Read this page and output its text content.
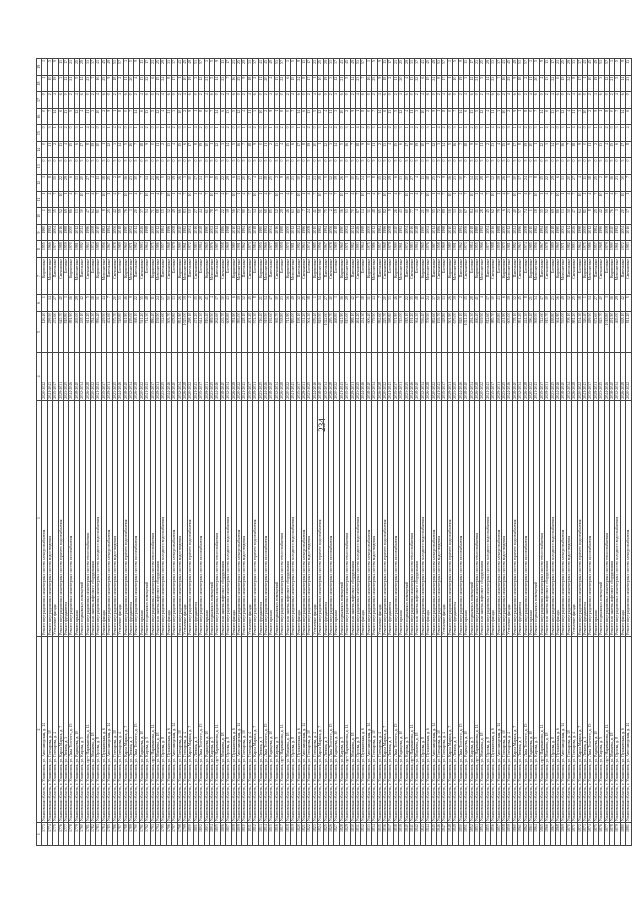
234
1	2	3	4	5	6	7	8	9	10	11	12	13	14	15	16	17	18	19
1773	Ульяновская область, г. Ульяновск, ул. Автозаводская, д. 14	Ремонт внутридомовых инженерных систем электроснабжения	2020-2022	126.40	1	Кирпичные	1955	1980	1	1	1	0	0	0	0	0	1	1
1774	Ульяновская область, г. Ульяновск, ул. Гончарова, д. 10	Ремонт внутридомовых инженерных систем водоотведения	2041-2043	299.50	14	Монолитные	1966	1992	18	4	8	5	11	3	7	2	10	5
1775	Ульяновская область, г. Ульяновск, ул. Гончарова, д. 4	Утепление фасада	2035-2037	472.60	27	Панельные	1977	2004	35	7	15	0	2	1	14	4	19	9
1776	Ульяновская область, г. Ульяновск, ул. Карла Маркса, д. 7	Ремонт внутридомовых инженерных систем горячего водоснабжения	2029-2031	645.70	40	Смешанные	1988	2016	52	10	22	5	13	4	6	6	3	13
1777	Ульяновская область, г. Ульяновск, ул. Ленина, д. 3	Ремонт фундамента	2023-2025	818.80	3	Блочные	1959	1988	69	1	29	0	4	2	13	0	12	17
1778	Ульяновская область, г. Ульяновск, ул. Льва Толстого, д. 15	Ремонт внутридомовых инженерных систем газоснабжения	2044-2046	991.90	16	Кирпичные	1970	2000	86	4	6	5	15	0	5	2	21	21
1779	Ульяновская область, г. Ульяновск, ул. Радищева, д. 10	Ремонт крыши	2038-2040	265.00	29	Монолитные	1981	2012	13	7	13	0	6	3	12	4	5	25
1780	Ульяновская область, г. Ульяновск, ул. Кирова, д. 5	Ремонт подвальных помещений	2032-2034	438.10	42	Панельные	1992	2024	30	10	20	5	17	1	4	6	14	29
1781	Ульяновская область, г. Ульяновск, пр-т Нариманова, д. 14	Ремонт внутридомовых инженерных систем теплоснабжения	2026-2028	611.20	5	Смешанные	1963	1996	47	1	27	0	8	4	11	0	23	33
1782	Ульяновская область, г. Ульяновск, ул. Минаева, д. 18	Ремонт или замена лифтового оборудования	2020-2022	784.30	18	Блочные	1974	2008	64	4	4	5	19	2	3	2	7	37
1783	Ульяновская область, г. Ульяновск, ул. Орлова, д. 8	Ремонт внутридомовых инженерных систем холодного водоснабжения	2041-2043	956.40	31	Кирпичные	1985	2010	81	7	11	0	10	0	10	4	16	41
1784	Ульяновская область, г. Ульяновск, ул. Пушкинская, д. 6	Ремонт фасада	2035-2037	229.50	44	Монолитные	1956	1982	8	10	18	5	1	3	2	6	25	45
1785	Ульяновская область, г. Ульяновск, ул. Автозаводская, д. 14	Ремонт внутридомовых инженерных систем электроснабжения	2029-2031	402.60	7	Панельные	1967	1994	25	1	25	0	12	1	9	0	9	49
1786	Ульяновская область, г. Ульяновск, ул. Гончарова, д. 10	Ремонт внутридомовых инженерных систем водоотведения	2023-2025	575.70	20	Смешанные	1978	2006	42	4	2	5	3	4	1	2	18	53
1787	Ульяновская область, г. Ульяновск, ул. Гончарова, д. 4	Утепление фасада	2044-2046	748.80	33	Блочные	1989	2018	59	7	9	0	14	2	8	4	2	57
1788	Ульяновская область, г. Ульяновск, ул. Карла Маркса, д. 7	Ремонт внутридомовых инженерных систем горячего водоснабжения	2038-2040	921.90	46	Кирпичные	1960	1990	76	10	16	5	5	0	0	6	11	1
1789	Ульяновская область, г. Ульяновск, ул. Ленина, д. 3	Ремонт фундамента	2032-2034	195.00	9	Монолитные	1971	2002	3	1	23	0	16	3	7	0	20	5
1790	Ульяновская область, г. Ульяновск, ул. Льва Толстого, д. 15	Ремонт внутридомовых инженерных систем газоснабжения	2026-2028	368.10	22	Панельные	1982	2014	20	4	30	5	7	1	14	2	4	9
1791	Ульяновская область, г. Ульяновск, ул. Радищева, д. 10	Ремонт крыши	2020-2022	541.20	35	Смешанные	1993	2026	37	7	7	0	18	4	6	4	13	13
1792	Ульяновская область, г. Ульяновск, ул. Кирова, д. 5	Ремонт подвальных помещений	2041-2043	714.30	48	Блочные	1964	1998	54	10	14	5	9	2	13	6	22	17
1793	Ульяновская область, г. Ульяновск, пр-т Нариманова, д. 14	Ремонт внутридомовых инженерных систем теплоснабжения	2035-2037	886.40	11	Кирпичные	1975	2000	71	1	21	0	0	0	5	0	6	21
1794	Ульяновская область, г. Ульяновск, ул. Минаева, д. 18	Ремонт или замена лифтового оборудования	2029-2031	159.50	24	Монолитные	1986	2012	88	4	28	5	11	3	12	2	15	25
1795	Ульяновская область, г. Ульяновск, ул. Орлова, д. 8	Ремонт внутридомовых инженерных систем холодного водоснабжения	2023-2025	332.60	37	Панельные	1957	1984	15	7	5	0	2	1	4	4	24	29
1796	Ульяновская область, г. Ульяновск, ул. Пушкинская, д. 6	Ремонт фасада	2044-2046	505.70	50	Смешанные	1968	1996	32	10	12	5	13	4	11	6	8	33
1797	Ульяновская область, г. Ульяновск, ул. Автозаводская, д. 14	Ремонт внутридомовых инженерных систем электроснабжения	2038-2040	678.80	13	Блочные	1979	2008	49	1	19	0	4	2	3	0	17	37
1798	Ульяновская область, г. Ульяновск, ул. Гончарова, д. 10	Ремонт внутридомовых инженерных систем водоотведения	2032-2034	851.90	26	Кирпичные	1990	2020	66	4	26	5	15	0	10	2	1	41
1799	Ульяновская область, г. Ульяновск, ул. Гончарова, д. 4	Утепление фасада	2026-2028	1025.00	39	Монолитные	1961	1992	83	7	3	0	6	3	2	4	10	45
1800	Ульяновская область, г. Ульяновск, ул. Карла Маркса, д. 7	Ремонт внутридомовых инженерных систем горячего водоснабжения	2020-2022	298.10	2	Панельные	1972	2004	10	10	10	5	17	1	9	6	19	49
1801	Ульяновская область, г. Ульяновск, ул. Ленина, д. 3	Ремонт фундамента	2041-2043	471.20	15	Смешанные	1983	2016	27	1	17	0	8	4	1	0	3	53
1802	Ульяновская область, г. Ульяновск, ул. Льва Толстого, д. 15	Ремонт внутридомовых инженерных систем газоснабжения	2035-2037	644.30	28	Блочные	1994	2028	44	4	24	5	19	2	8	2	12	57
1803	Ульяновская область, г. Ульяновск, ул. Радищева, д. 10	Ремонт крыши	2029-2031	816.40	41	Кирпичные	1965	1990	61	7	1	0	10	0	0	4	21	1
1804	Ульяновская область, г. Ульяновск, ул. Кирова, д. 5	Ремонт подвальных помещений	2023-2025	989.50	4	Монолитные	1976	2002	78	10	8	5	1	3	7	6	5	5
1805	Ульяновская область, г. Ульяновск, пр-т Нариманова, д. 14	Ремонт внутридомовых инженерных систем теплоснабжения	2044-2046	262.60	17	Панельные	1987	2014	5	1	15	0	12	1	14	0	14	9
1806	Ульяновская область, г. Ульяновск, ул. Минаева, д. 18	Ремонт или замена лифтового оборудования	2038-2040	435.70	30	Смешанные	1958	1986	22	4	22	5	3	4	6	2	23	13
1807	Ульяновская область, г. Ульяновск, ул. Орлова, д. 8	Ремонт внутридомовых инженерных систем холодного водоснабжения	2032-2034	608.80	43	Блочные	1969	1998	39	7	29	0	14	2	13	4	7	17
1808	Ульяновская область, г. Ульяновск, ул. Пушкинская, д. 6	Ремонт фасада	2026-2028	781.90	6	Кирпичные	1980	2010	56	10	6	5	5	0	5	6	16	21
1809	Ульяновская область, г. Ульяновск, ул. Автозаводская, д. 14	Ремонт внутридомовых инженерных систем электроснабжения	2020-2022	955.00	19	Монолитные	1991	2022	73	1	13	0	16	3	12	0	25	25
1810	Ульяновская область, г. Ульяновск, ул. Гончарова, д. 10	Ремонт внутридомовых инженерных систем водоотведения	2041-2043	228.10	32	Панельные	1962	1994	90	4	20	5	7	1	4	2	9	29
1811	Ульяновская область, г. Ульяновск, ул. Гончарова, д. 4	Утепление фасада	2035-2037	401.20	45	Смешанные	1973	2006	17	7	27	0	18	4	11	4	18	33
1812	Ульяновская область, г. Ульяновск, ул. Карла Маркса, д. 7	Ремонт внутридомовых инженерных систем горячего водоснабжения	2029-2031	574.30	8	Блочные	1984	2018	34	10	4	5	9	2	3	6	2	37
1813	Ульяновская область, г. Ульяновск, ул. Ленина, д. 3	Ремонт фундамента	2023-2025	746.40	21	Кирпичные	1955	1980	51	1	11	0	0	0	10	0	11	41
1814	Ульяновская область, г. Ульяновск, ул. Льва Толстого, д. 15	Ремонт внутридомовых инженерных систем газоснабжения	2044-2046	919.50	34	Монолитные	1966	1992	68	4	18	5	11	3	2	2	20	45
1815	Ульяновская область, г. Ульяновск, ул. Радищева, д. 10	Ремонт крыши	2038-2040	192.60	47	Панельные	1977	2004	85	7	25	0	2	1	9	4	4	49
1816	Ульяновская область, г. Ульяновск, ул. Кирова, д. 5	Ремонт подвальных помещений	2032-2034	365.70	10	Смешанные	1988	2016	12	10	2	5	13	4	1	6	13	53
1817	Ульяновская область, г. Ульяновск, пр-т Нариманова, д. 14	Ремонт внутридомовых инженерных систем теплоснабжения	2026-2028	538.80	23	Блочные	1959	1988	29	1	9	0	4	2	8	0	22	57
1818	Ульяновская область, г. Ульяновск, ул. Минаева, д. 18	Ремонт или замена лифтового оборудования	2020-2022	711.90	36	Кирпичные	1970	2000	46	4	16	5	15	0	0	2	6	1
1819	Ульяновская область, г. Ульяновск, ул. Орлова, д. 8	Ремонт внутридомовых инженерных систем холодного водоснабжения	2041-2043	885.00	49	Монолитные	1981	2012	63	7	23	0	6	3	7	4	15	5
1820	Ульяновская область, г. Ульяновск, ул. Пушкинская, д. 6	Ремонт фасада	2035-2037	158.10	12	Панельные	1992	2024	80	10	30	5	17	1	14	6	24	9
1821	Ульяновская область, г. Ульяновск, ул. Автозаводская, д. 14	Ремонт внутридомовых инженерных систем электроснабжения	2029-2031	331.20	25	Смешанные	1963	1996	7	1	7	0	8	4	6	0	8	13
1822	Ульяновская область, г. Ульяновск, ул. Гончарова, д. 10	Ремонт внутридомовых инженерных систем водоотведения	2023-2025	504.30	38	Блочные	1974	2008	24	4	14	5	19	2	13	2	17	17
1823	Ульяновская область, г. Ульяновск, ул. Гончарова, д. 4	Утепление фасада	2044-2046	676.40	1	Кирпичные	1985	2010	41	7	21	0	10	0	5	4	1	21
1824	Ульяновская область, г. Ульяновск, ул. Карла Маркса, д. 7	Ремонт внутридомовых инженерных систем горячего водоснабжения	2038-2040	849.50	14	Монолитные	1956	1982	58	10	28	5	1	3	12	6	10	25
1825	Ульяновская область, г. Ульяновск, ул. Ленина, д. 3	Ремонт фундамента	2032-2034	1022.60	27	Панельные	1967	1994	75	1	5	0	12	1	4	0	19	29
1826	Ульяновская область, г. Ульяновск, ул. Льва Толстого, д. 15	Ремонт внутридомовых инженерных систем газоснабжения	2026-2028	295.70	40	Смешанные	1978	2006	2	4	12	5	3	4	11	2	3	33
1827	Ульяновская область, г. Ульяновск, ул. Радищева, д. 10	Ремонт крыши	2020-2022	468.80	3	Блочные	1989	2018	19	7	19	0	14	2	3	4	12	37
1828	Ульяновская область, г. Ульяновск, ул. Кирова, д. 5	Ремонт подвальных помещений	2041-2043	641.90	16	Кирпичные	1960	1990	36	10	26	5	5	0	10	6	21	41
1829	Ульяновская область, г. Ульяновск, пр-т Нариманова, д. 14	Ремонт внутридомовых инженерных систем теплоснабжения	2035-2037	815.00	29	Монолитные	1971	2002	53	1	3	0	16	3	2	0	5	45
1830	Ульяновская область, г. Ульяновск, ул. Минаева, д. 18	Ремонт или замена лифтового оборудования	2029-2031	988.10	42	Панельные	1982	2014	70	4	10	5	7	1	9	2	14	49
1831	Ульяновская область, г. Ульяновск, ул. Орлова, д. 8	Ремонт внутридомовых инженерных систем холодного водоснабжения	2023-2025	261.20	5	Смешанные	1993	2026	87	7	17	0	18	4	1	4	23	53
1832	Ульяновская область, г. Ульяновск, ул. Пушкинская, д. 6	Ремонт фасада	2044-2046	434.30	18	Блочные	1964	1998	14	10	24	5	9	2	8	6	7	57
1833	Ульяновская область, г. Ульяновск, ул. Автозаводская, д. 14	Ремонт внутридомовых инженерных систем электроснабжения	2038-2040	606.40	31	Кирпичные	1975	2000	31	1	1	0	0	0	0	0	16	1
1834	Ульяновская область, г. Ульяновск, ул. Гончарова, д. 10	Ремонт внутридомовых инженерных систем водоотведения	2032-2034	779.50	44	Монолитные	1986	2012	48	4	8	5	11	3	7	2	25	5
1835	Ульяновская область, г. Ульяновск, ул. Гончарова, д. 4	Утепление фасада	2026-2028	952.60	7	Панельные	1957	1984	65	7	15	0	2	1	14	4	9	9
1836	Ульяновская область, г. Ульяновск, ул. Карла Маркса, д. 7	Ремонт внутридомовых инженерных систем горячего водоснабжения	2020-2022	225.70	20	Смешанные	1968	1996	82	10	22	5	13	4	6	6	18	13
1837	Ульяновская область, г. Ульяновск, ул. Ленина, д. 3	Ремонт фундамента	2041-2043	398.80	33	Блочные	1979	2008	9	1	29	0	4	2	13	0	2	17
1838	Ульяновская область, г. Ульяновск, ул. Льва Толстого, д. 15	Ремонт внутридомовых инженерных систем газоснабжения	2035-2037	571.90	46	Кирпичные	1990	2020	26	4	6	5	15	0	5	2	11	21
1839	Ульяновская область, г. Ульяновск, ул. Радищева, д. 10	Ремонт крыши	2029-2031	745.00	9	Монолитные	1961	1992	43	7	13	0	6	3	12	4	20	25
1840	Ульяновская область, г. Ульяновск, ул. Кирова, д. 5	Ремонт подвальных помещений	2023-2025	918.10	22	Панельные	1972	2004	60	10	20	5	17	1	4	6	4	29
1841	Ульяновская область, г. Ульяновск, пр-т Нариманова, д. 14	Ремонт внутридомовых инженерных систем теплоснабжения	2044-2046	191.20	35	Смешанные	1983	2016	77	1	27	0	8	4	11	0	13	33
1842	Ульяновская область, г. Ульяновск, ул. Минаева, д. 18	Ремонт или замена лифтового оборудования	2038-2040	364.30	48	Блочные	1994	2028	4	4	4	5	19	2	3	2	22	37
1843	Ульяновская область, г. Ульяновск, ул. Орлова, д. 8	Ремонт внутридомовых инженерных систем холодного водоснабжения	2032-2034	536.40	11	Кирпичные	1965	1990	21	7	11	0	10	0	10	4	6	41
1844	Ульяновская область, г. Ульяновск, ул. Пушкинская, д. 6	Ремонт фасада	2026-2028	709.50	24	Монолитные	1976	2002	38	10	18	5	1	3	2	6	15	45
1845	Ульяновская область, г. Ульяновск, ул. Автозаводская, д. 14	Ремонт внутридомовых инженерных систем электроснабжения	2020-2022	882.60	37	Панельные	1987	2014	55	1	25	0	12	1	9	0	24	49
1846	Ульяновская область, г. Ульяновск, ул. Гончарова, д. 10	Ремонт внутридомовых инженерных систем водоотведения	2041-2043	155.70	50	Смешанные	1958	1986	72	4	2	5	3	4	1	2	8	53
1847	Ульяновская область, г. Ульяновск, ул. Гончарова, д. 4	Утепление фасада	2035-2037	328.80	13	Блочные	1969	1998	89	7	9	0	14	2	8	4	17	57
1848	Ульяновская область, г. Ульяновск, ул. Карла Маркса, д. 7	Ремонт внутридомовых инженерных систем горячего водоснабжения	2029-2031	501.90	26	Кирпичные	1980	2010	16	10	16	5	5	0	0	6	1	1
1849	Ульяновская область, г. Ульяновск, ул. Ленина, д. 3	Ремонт фундамента	2023-2025	675.00	39	Монолитные	1991	2022	33	1	23	0	16	3	7	0	10	5
1850	Ульяновская область, г. Ульяновск, ул. Льва Толстого, д. 15	Ремонт внутридомовых инженерных систем газоснабжения	2044-2046	848.10	2	Панельные	1962	1994	50	4	30	5	7	1	14	2	19	9
1851	Ульяновская область, г. Ульяновск, ул. Радищева, д. 10	Ремонт крыши	2038-2040	1021.20	15	Смешанные	1973	2006	67	7	7	0	18	4	6	4	3	13
1852	Ульяновская область, г. Ульяновск, ул. Кирова, д. 5	Ремонт подвальных помещений	2032-2034	294.30	28	Блочные	1984	2018	84	10	14	5	9	2	13	6	12	17
1853	Ульяновская область, г. Ульяновск, пр-т Нариманова, д. 14	Ремонт внутридомовых инженерных систем теплоснабжения	2026-2028	466.40	41	Кирпичные	1955	1980	11	1	21	0	0	0	5	0	21	21
1854	Ульяновская область, г. Ульяновск, ул. Минаева, д. 18	Ремонт или замена лифтового оборудования	2020-2022	639.50	4	Монолитные	1966	1992	28	4	28	5	11	3	12	2	5	25
1855	Ульяновская область, г. Ульяновск, ул. Орлова, д. 8	Ремонт внутридомовых инженерных систем холодного водоснабжения	2041-2043	812.60	17	Панельные	1977	2004	45	7	5	0	2	1	4	4	14	29
1856	Ульяновская область, г. Ульяновск, ул. Пушкинская, д. 6	Ремонт фасада	2035-2037	985.70	30	Смешанные	1988	2016	62	10	12	5	13	4	11	6	23	33
1857	Ульяновская область, г. Ульяновск, ул. Автозаводская, д. 14	Ремонт внутридомовых инженерных систем электроснабжения	2029-2031	258.80	43	Блочные	1959	1988	79	1	19	0	4	2	3	0	7	37
1858	Ульяновская область, г. Ульяновск, ул. Гончарова, д. 10	Ремонт внутридомовых инженерных систем водоотведения	2023-2025	431.90	6	Кирпичные	1970	2000	6	4	26	5	15	0	10	2	16	41
1859	Ульяновская область, г. Ульяновск, ул. Гончарова, д. 4	Утепление фасада	2044-2046	605.00	19	Монолитные	1981	2012	23	7	3	0	6	3	2	4	25	45
1860	Ульяновская область, г. Ульяновск, ул. Карла Маркса, д. 7	Ремонт внутридомовых инженерных систем горячего водоснабжения	2038-2040	778.10	32	Панельные	1992	2024	40	10	10	5	17	1	9	6	9	49
1861	Ульяновская область, г. Ульяновск, ул. Ленина, д. 3	Ремонт фундамента	2032-2034	951.20	45	Смешанные	1963	1996	57	1	17	0	8	4	1	0	18	53
1862	Ульяновская область, г. Ульяновск, ул. Льва Толстого, д. 15	Ремонт внутридомовых инженерных систем газоснабжения	2026-2028	224.30	8	Блочные	1974	2008	74	4	24	5	19	2	8	2	2	57
1863	Ульяновская область, г. Ульяновск, ул. Радищева, д. 10	Ремонт крыши	2020-2022	396.40	21	Кирпичные	1985	2010	1	7	1	0	10	0	0	4	11	1
1864	Ульяновская область, г. Ульяновск, ул. Кирова, д. 5	Ремонт подвальных помещений	2041-2043	569.50	34	Монолитные	1956	1982	18	10	8	5	1	3	7	6	20	5
1865	Ульяновская область, г. Ульяновск, пр-т Нариманова, д. 14	Ремонт внутридомовых инженерных систем теплоснабжения	2035-2037	742.60	47	Панельные	1967	1994	35	1	15	0	12	1	14	0	4	9
1866	Ульяновская область, г. Ульяновск, ул. Минаева, д. 18	Ремонт или замена лифтового оборудования	2029-2031	915.70	10	Смешанные	1978	2006	52	4	22	5	3	4	6	2	13	13
1867	Ульяновская область, г. Ульяновск, ул. Орлова, д. 8	Ремонт внутридомовых инженерных систем холодного водоснабжения	2023-2025	188.80	23	Блочные	1989	2018	69	7	29	0	14	2	13	4	22	17
1868	Ульяновская область, г. Ульяновск, ул. Пушкинская, д. 6	Ремонт фасада	2044-2046	361.90	36	Кирпичные	1960	1990	86	10	6	5	5	0	5	6	6	21
1869	Ульяновская область, г. Ульяновск, ул. Автозаводская, д. 14	Ремонт внутридомовых инженерных систем электроснабжения	2038-2040	535.00	49	Монолитные	1971	2002	13	1	13	0	16	3	12	0	15	25
1870	Ульяновская область, г. Ульяновск, ул. Гончарова, д. 10	Ремонт внутридомовых инженерных систем водоотведения	2032-2034	708.10	12	Панельные	1982	2014	30	4	20	5	7	1	4	2	24	29
1871	Ульяновская область, г. Ульяновск, ул. Гончарова, д. 4	Утепление фасада	2026-2028	881.20	25	Смешанные	1993	2026	47	7	27	0	18	4	11	4	8	33
1872	Ульяновская область, г. Ульяновск, ул. Карла Маркса, д. 7	Ремонт внутридомовых инженерных систем горячего водоснабжения	2020-2022	154.30	38	Блочные	1964	1998	64	10	4	5	9	2	3	6	17	37
1873	Ульяновская область, г. Ульяновск, ул. Ленина, д. 3	Ремонт фундамента	2041-2043	326.40	1	Кирпичные	1975	2000	81	1	11	0	0	0	10	0	1	41
1874	Ульяновская область, г. Ульяновск, ул. Льва Толстого, д. 15	Ремонт внутридомовых инженерных систем газоснабжения	2035-2037	499.50	14	Монолитные	1986	2012	8	4	18	5	11	3	2	2	10	45
1875	Ульяновская область, г. Ульяновск, ул. Радищева, д. 10	Ремонт крыши	2029-2031	672.60	27	Панельные	1957	1984	25	7	25	0	2	1	9	4	19	49
1876	Ульяновская область, г. Ульяновск, ул. Кирова, д. 5	Ремонт подвальных помещений	2023-2025	845.70	40	Смешанные	1968	1996	42	10	2	5	13	4	1	6	3	53
1877	Ульяновская область, г. Ульяновск, пр-т Нариманова, д. 14	Ремонт внутридомовых инженерных систем теплоснабжения	2044-2046	1018.80	3	Блочные	1979	2008	59	1	9	0	4	2	8	0	12	57
1878	Ульяновская область, г. Ульяновск, ул. Минаева, д. 18	Ремонт или замена лифтового оборудования	2038-2040	291.90	16	Кирпичные	1990	2020	76	4	16	5	15	0	0	2	21	1
1879	Ульяновская область, г. Ульяновск, ул. Орлова, д. 8	Ремонт внутридомовых инженерных систем холодного водоснабжения	2032-2034	465.00	29	Монолитные	1961	1992	3	7	23	0	6	3	7	4	5	5
1880	Ульяновская область, г. Ульяновск, ул. Пушкинская, д. 6	Ремонт фасада	2026-2028	638.10	42	Панельные	1972	2004	20	10	30	5	17	1	14	6	14	9
1881	Ульяновская область, г. Ульяновск, ул. Автозаводская, д. 14	Ремонт внутридомовых инженерных систем электроснабжения	2020-2022	811.20	5	Смешанные	1983	2016	37	1	7	0	8	4	6	0	23	13
